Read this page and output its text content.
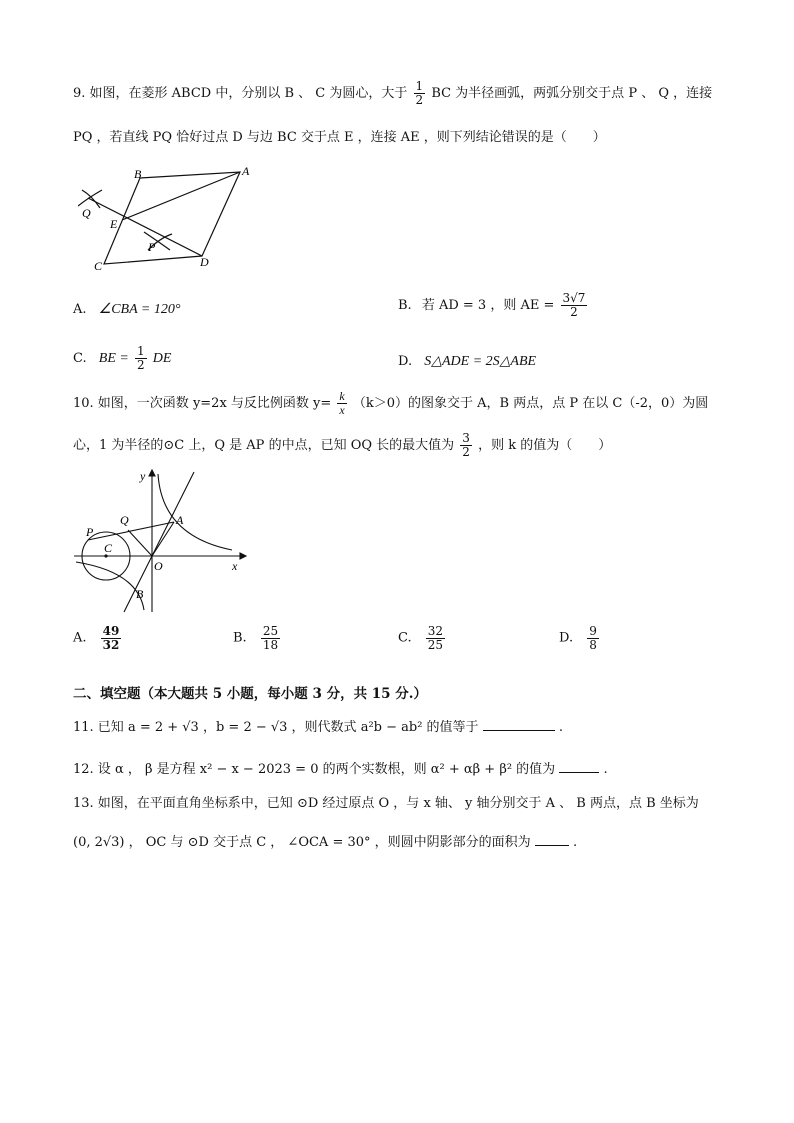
9. 如图，在菱形 ABCD 中，分别以 B 、 C 为圆心，大于 $\frac{1}{2}$ BC 为半径画弧，两弧分别交于点 P 、 Q ，连接
PQ ，若直线 PQ 恰好过点 D 与边 BC 交于点 E ，连接 AE ，则下列结论错误的是（　　）
B	A
Q
E
P
C	D
A. ∠CBA = 120°	B. 若 AD = 3 ，则 AE = $\frac{3√7}{2}$
C. BE = $\frac{1}{2}$ DE	D. S△ADE = 2S△ABE
10. 如图，一次函数 y=2x 与反比例函数 $y= \frac{k}{x} (k>0)$的图象交于 A，B 两点，点 P 在以 C（-2，0）为圆
心，1 为半径的⊙C 上，Q 是 AP 的中点，已知 OQ 长的最大值为 $\frac{3}{2}$ ，则 k 的值为（　　）
y
Q	A
P
C
O	x
B
A. $\frac{49}{32}$	B. $\frac{25}{18}$	C. $\frac{32}{25}$	D. $\frac{9}{8}$
二、填空题（本大题共 5 小题，每小题 3 分，共 15 分.）
11. 已知 a = 2 + √3 ，b = 2 − √3 ，则代数式 a²b − ab² 的值等于	.
12. 设 α ， β 是方程 x² − x − 2023 = 0 的两个实数根，则 α² + αβ + β² 的值为	.
13. 如图，在平面直角坐标系中，已知 ⊙D 经过原点 O ，与 x 轴、 y 轴分别交于 A 、 B 两点，点 B 坐标为
(0, 2√3) ， OC 与 ⊙D 交于点 C ， ∠OCA = 30° ，则圆中阴影部分的面积为	.
